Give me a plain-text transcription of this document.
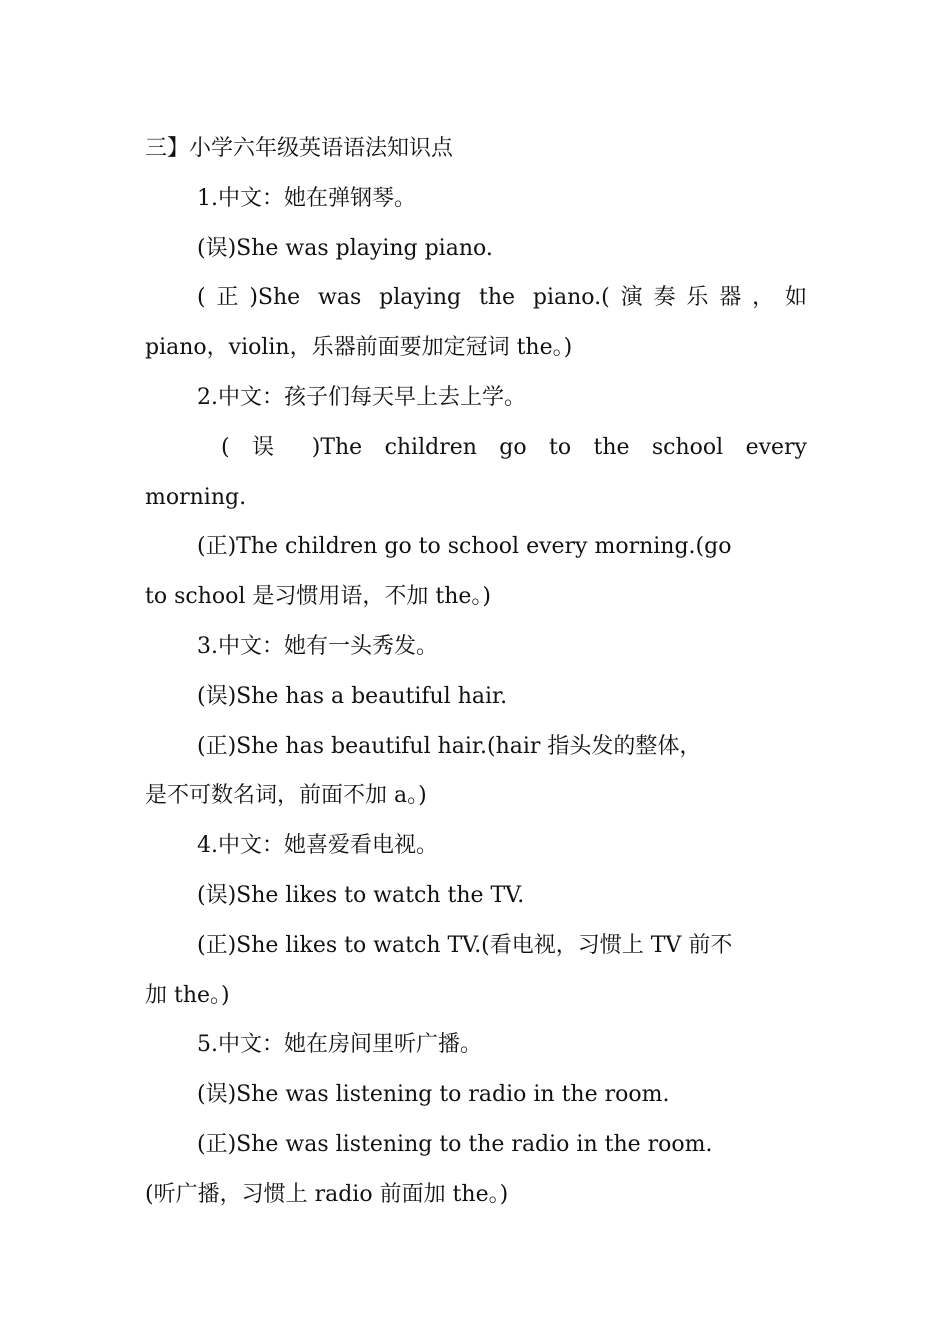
三】小学六年级英语语法知识点
1.中文：她在弹钢琴。
(误)She was playing piano.
(正)She was playing the piano.(演奏乐器，如
piano，violin，乐器前面要加定冠词 the。)
2.中文：孩子们每天早上去上学。
( 误 )The children go to the school every
morning.
(正)The children go to school every morning.(go
to school 是习惯用语，不加 the。)
3.中文：她有一头秀发。
(误)She has a beautiful hair.
(正)She has beautiful hair.(hair 指头发的整体，
是不可数名词，前面不加 a。)
4.中文：她喜爱看电视。
(误)She likes to watch the TV.
(正)She likes to watch TV.(看电视，习惯上 TV 前不
加 the。)
5.中文：她在房间里听广播。
(误)She was listening to radio in the room.
(正)She was listening to the radio in the room.
(听广播，习惯上 radio 前面加 the。)
